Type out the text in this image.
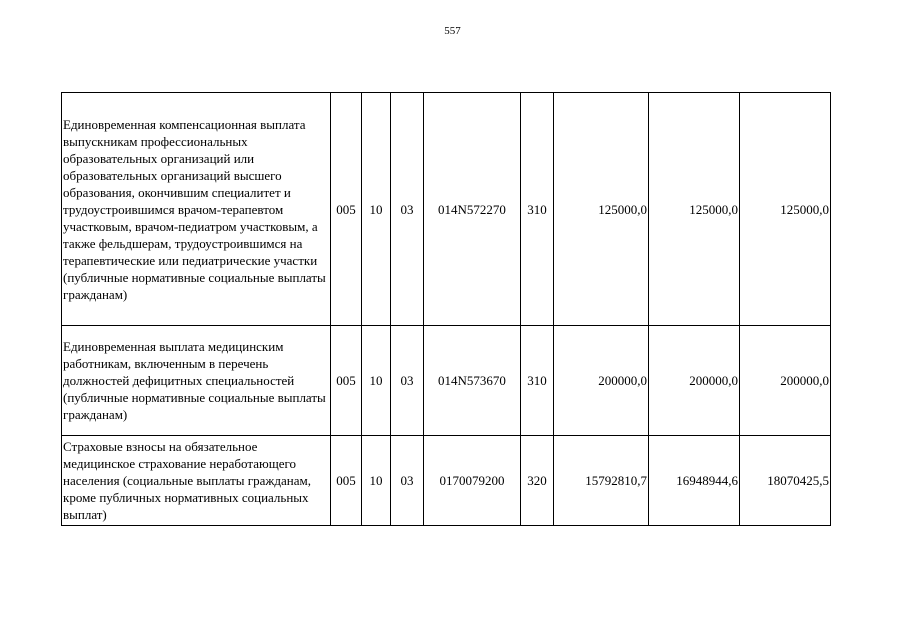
557
Единовременная компенсационная выплата выпускникам профессиональных образовательных организаций или образовательных организаций высшего образования, окончившим специалитет и трудоустроившимся врачом-терапевтом участковым, врачом-педиатром участковым, а также фельдшерам, трудоустроившимся на терапевтические или педиатрические участки (публичные нормативные социальные выплаты гражданам)	005	10	03	014N572270	310	125000,0	125000,0	125000,0
Единовременная выплата медицинским работникам, включенным в перечень должностей дефицитных специальностей (публичные нормативные социальные выплаты гражданам)	005	10	03	014N573670	310	200000,0	200000,0	200000,0
Страховые взносы на обязательное медицинское страхование неработающего населения (социальные выплаты гражданам, кроме публичных нормативных социальных выплат)	005	10	03	0170079200	320	15792810,7	16948944,6	18070425,5
